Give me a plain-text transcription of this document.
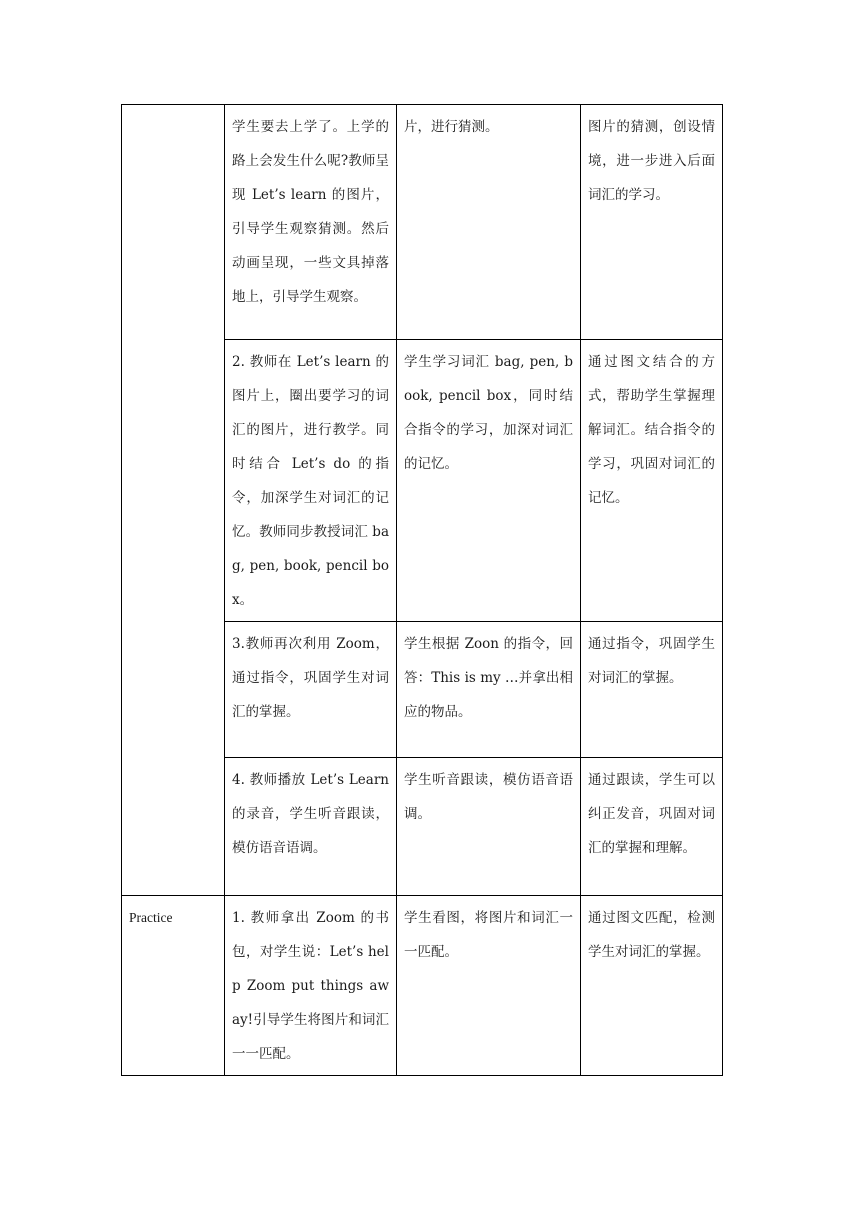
	学生要去上学了。上学的路上会发生什么呢?教师呈现 Let’s learn 的图片，引导学生观察猜测。然后动画呈现，一些文具掉落地上，引导学生观察。	片，进行猜测。	图片的猜测，创设情境，进一步进入后面词汇的学习。
	2. 教师在 Let’s learn 的图片上，圈出要学习的词汇的图片，进行教学。同时结合 Let’s do 的指令，加深学生对词汇的记忆。教师同步教授词汇 bag, pen, book, pencil box。	学生学习词汇 bag, pen, book, pencil box，同时结合指令的学习，加深对词汇的记忆。	通过图文结合的方式，帮助学生掌握理解词汇。结合指令的学习，巩固对词汇的记忆。
	3.教师再次利用 Zoom，通过指令，巩固学生对词汇的掌握。	学生根据 Zoon 的指令，回答：This is my …并拿出相应的物品。	通过指令，巩固学生对词汇的掌握。
	4. 教师播放 Let’s Learn 的录音，学生听音跟读，模仿语音语调。	学生听音跟读，模仿语音语调。	通过跟读，学生可以纠正发音，巩固对词汇的掌握和理解。
Practice	1. 教师拿出 Zoom 的书包，对学生说：Let’s help Zoom put things away!引导学生将图片和词汇一一匹配。	学生看图，将图片和词汇一一匹配。	通过图文匹配，检测学生对词汇的掌握。
